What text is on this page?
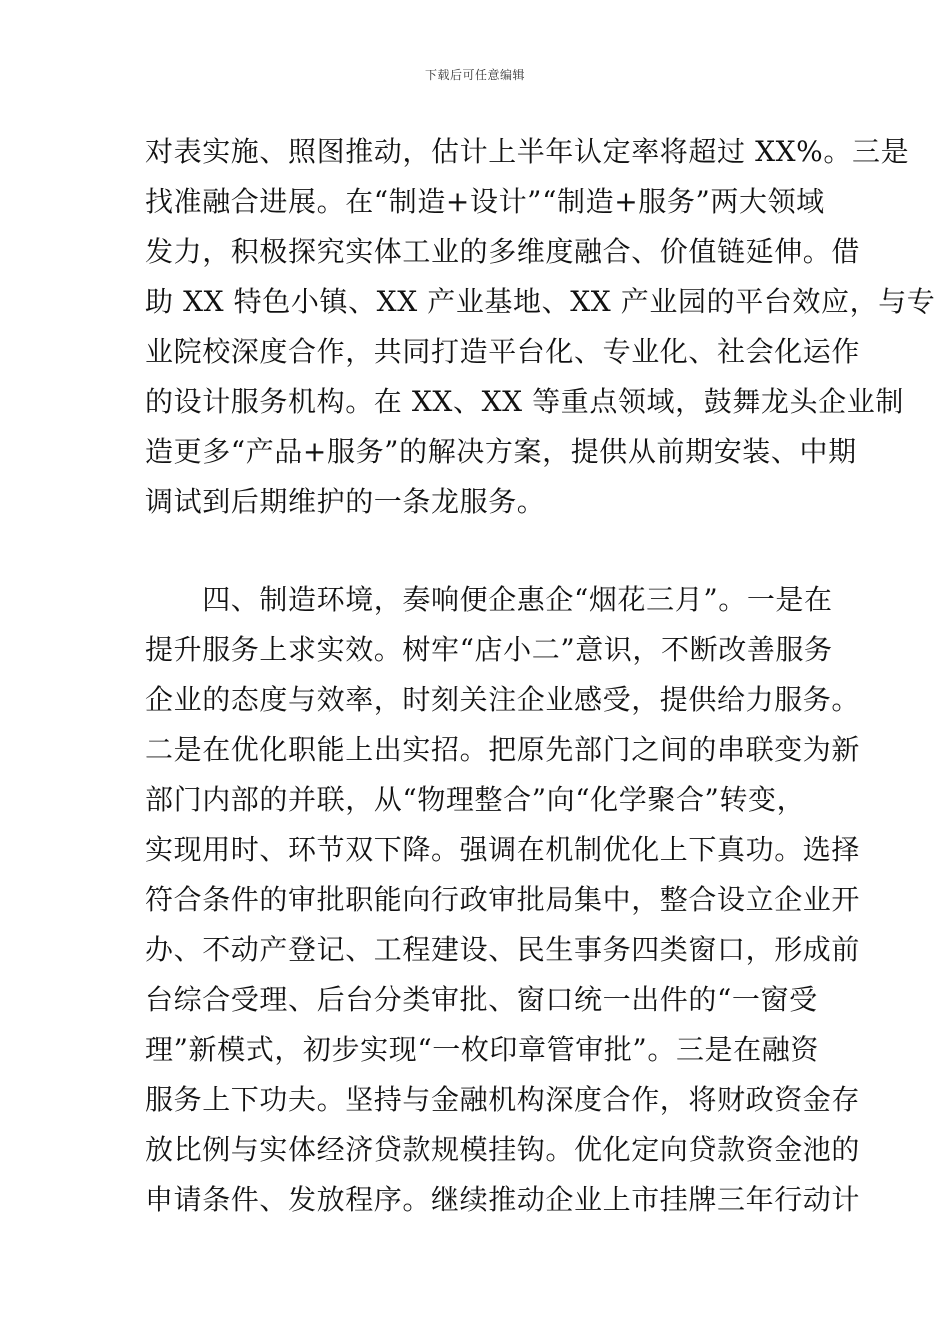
下载后可任意编辑
对表实施、照图推动，估计上半年认定率将超过 XX%。三是
找准融合进展。在“制造+设计”“制造+服务”两大领域
发力，积极探究实体工业的多维度融合、价值链延伸。借
助 XX 特色小镇、XX 产业基地、XX 产业园的平台效应，与专
业院校深度合作，共同打造平台化、专业化、社会化运作
的设计服务机构。在 XX、XX 等重点领域，鼓舞龙头企业制
造更多“产品+服务”的解决方案，提供从前期安装、中期
调试到后期维护的一条龙服务。
　　四、制造环境，奏响便企惠企“烟花三月”。一是在
提升服务上求实效。树牢“店小二”意识，不断改善服务
企业的态度与效率，时刻关注企业感受，提供给力服务。
二是在优化职能上出实招。把原先部门之间的串联变为新
部门内部的并联，从“物理整合”向“化学聚合”转变，
实现用时、环节双下降。强调在机制优化上下真功。选择
符合条件的审批职能向行政审批局集中，整合设立企业开
办、不动产登记、工程建设、民生事务四类窗口，形成前
台综合受理、后台分类审批、窗口统一出件的“一窗受
理”新模式，初步实现“一枚印章管审批”。三是在融资
服务上下功夫。坚持与金融机构深度合作，将财政资金存
放比例与实体经济贷款规模挂钩。优化定向贷款资金池的
申请条件、发放程序。继续推动企业上市挂牌三年行动计
